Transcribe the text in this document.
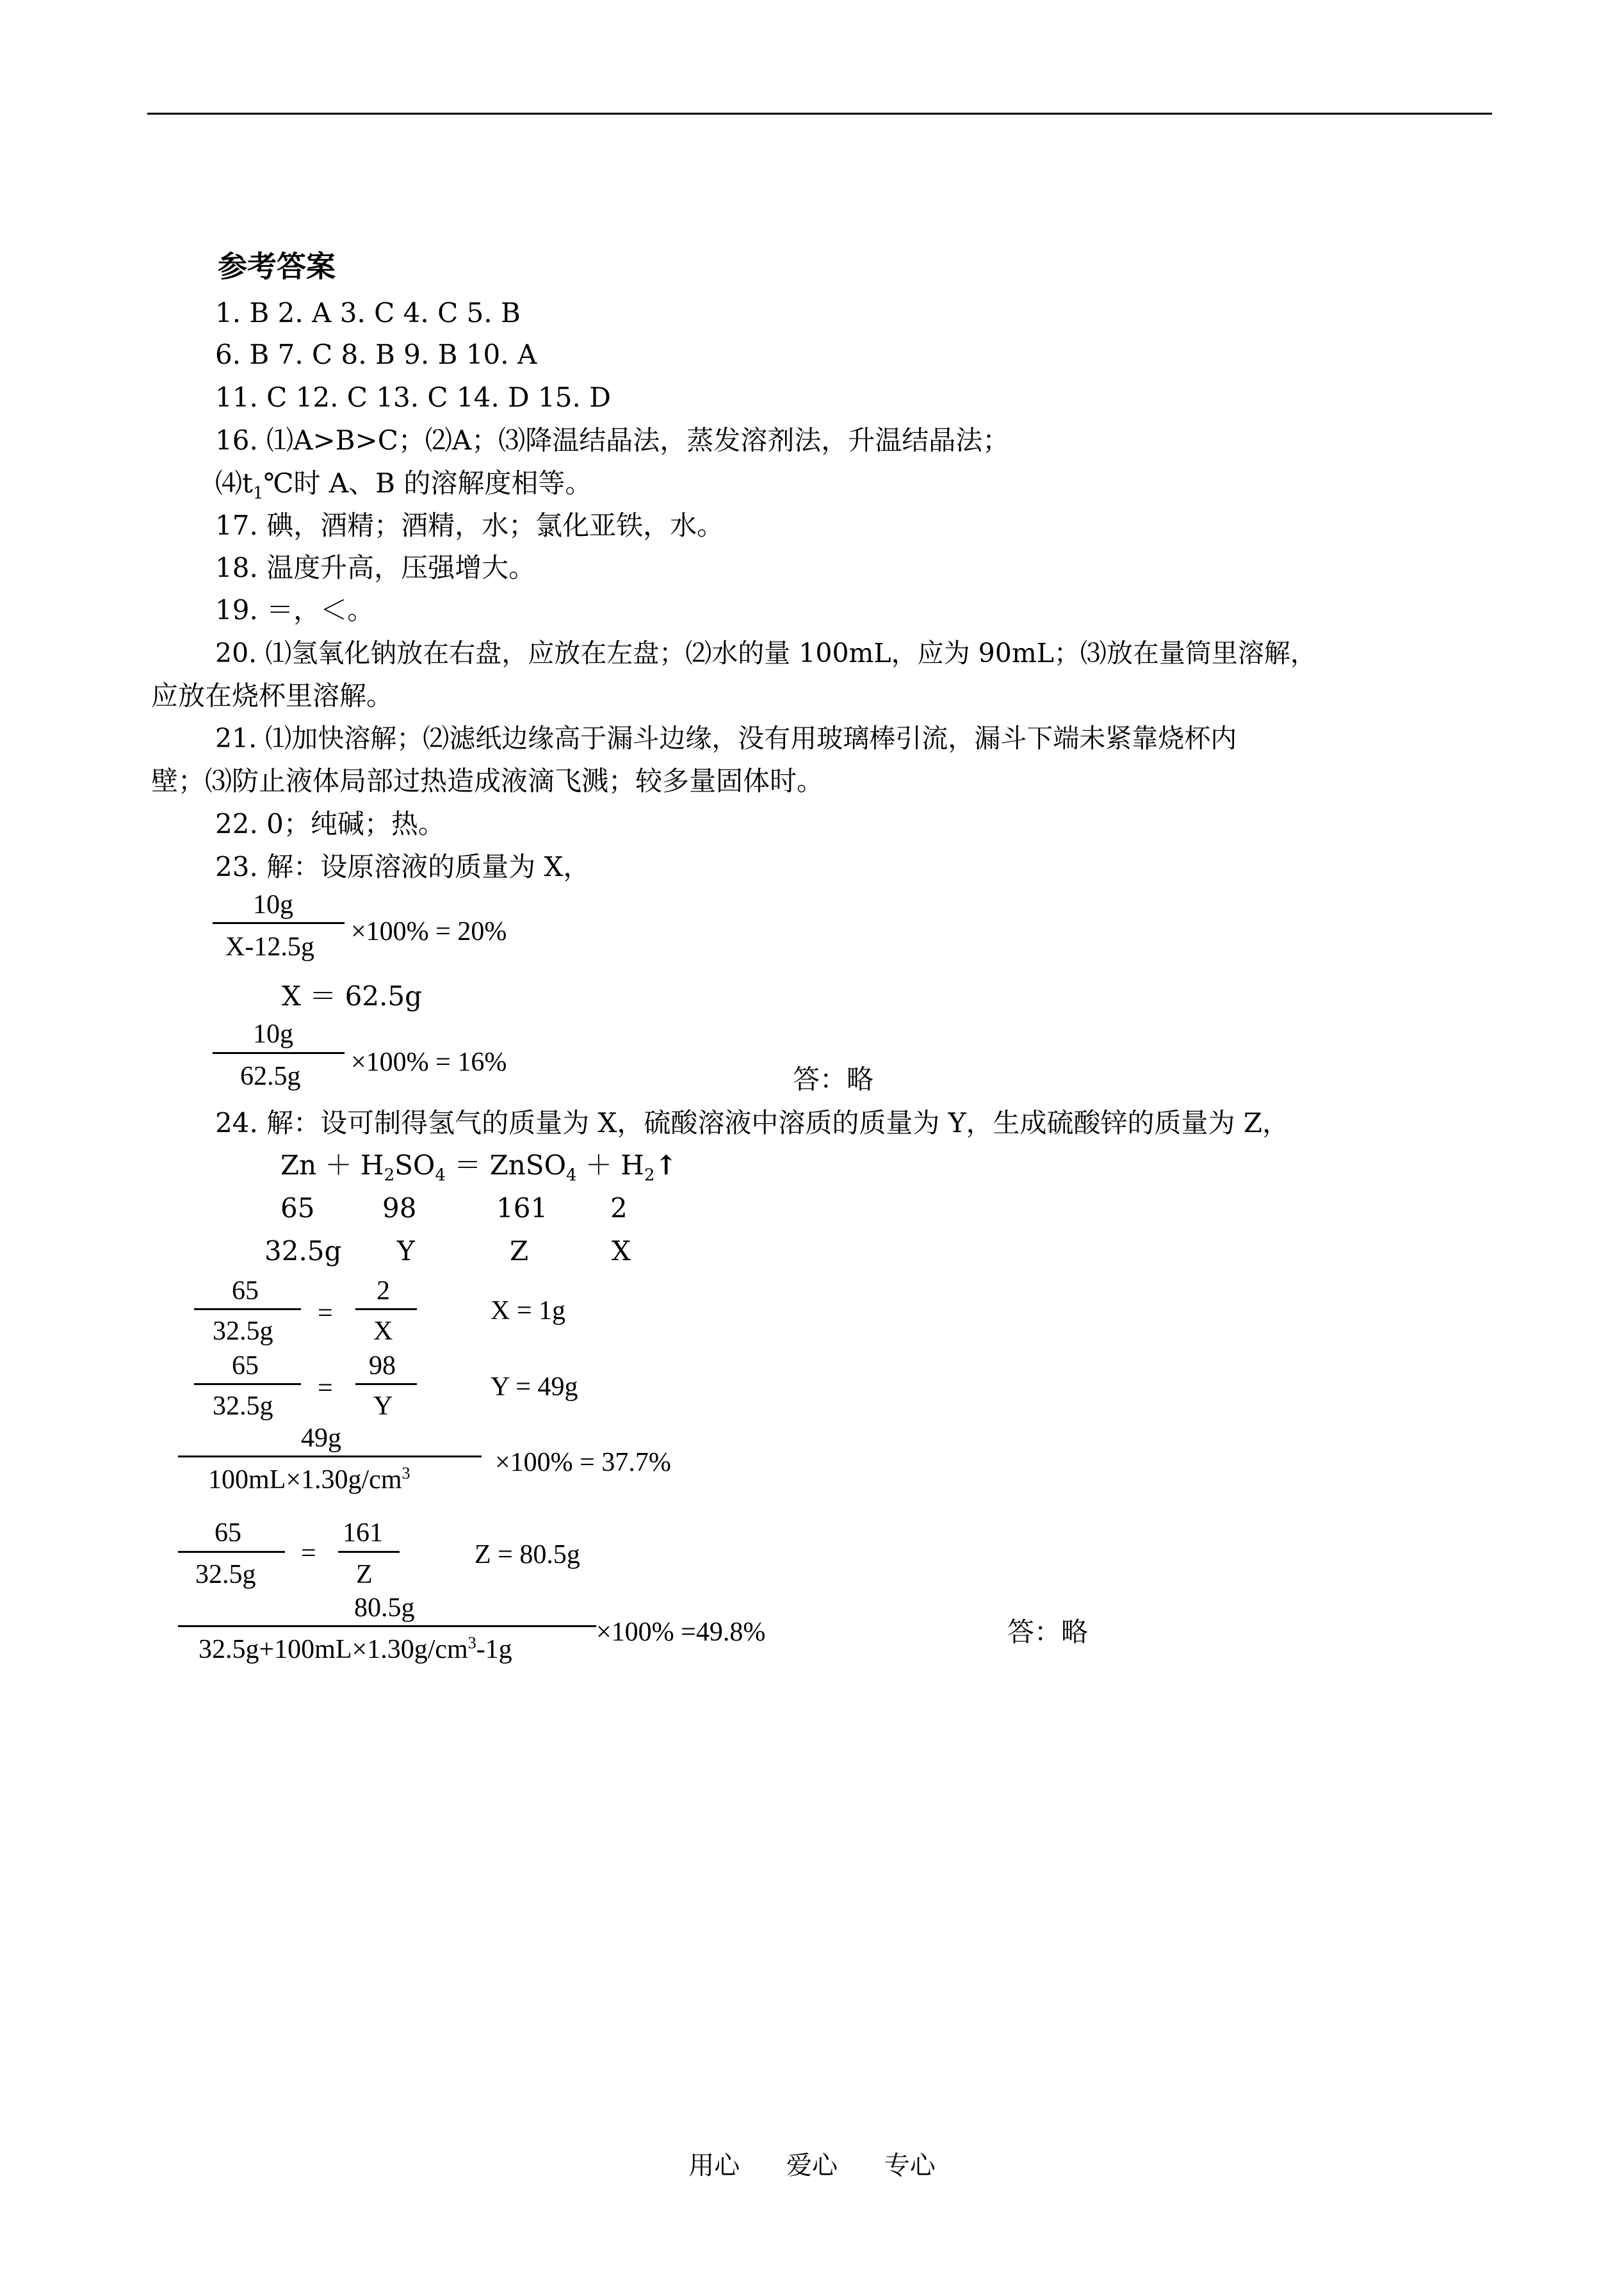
参考答案
1. B 2. A 3. C 4. C 5. B
6. B 7. C 8. B 9. B 10. A
11. C 12. C 13. C 14. D 15. D
16. ⑴A>B>C；⑵A；⑶降温结晶法，蒸发溶剂法，升温结晶法；
$⑷t_1℃$时 A、B 的溶解度相等。
17. 碘，酒精；酒精，水；氯化亚铁，水。
18. 温度升高，压强增大。
19. ＝，＜。
20. ⑴氢氧化钠放在右盘，应放在左盘；⑵水的量 100mL，应为 90mL；⑶放在量筒里溶解，
应放在烧杯里溶解。
21. ⑴加快溶解；⑵滤纸边缘高于漏斗边缘，没有用玻璃棒引流，漏斗下端未紧靠烧杯内
壁；⑶防止液体局部过热造成液滴飞溅；较多量固体时。
22. 0；纯碱；热。
23. 解：设原溶液的质量为 X，
10g
X-12.5g
×100% = 20%
X ＝ 62.5g
10g
62.5g ×100% = 16%
答：略
24. 解：设可制得氢气的质量为 X，硫酸溶液中溶质的质量为 Y，生成硫酸锌的质量为 Z，
$Zn + H_2SO_4$ ＝ ZnSO$_4$ ＋ $H_2↑$
65	98	161 2
32.5g Y	Z	X
65
32.5g
=
2
X
X = 1g
65
32.5g
=
98
Y
Y = 49g
49g
$100mL\times 1.30g/cm^3$	×100% = 37.7%
65
32.5g
=
161
Z
Z = 80.5g
80.5g
$32.5g+100mL\times 1.30g/cm^3-1g$
×100% =49.8%	答：略
用心 爱心 专心
